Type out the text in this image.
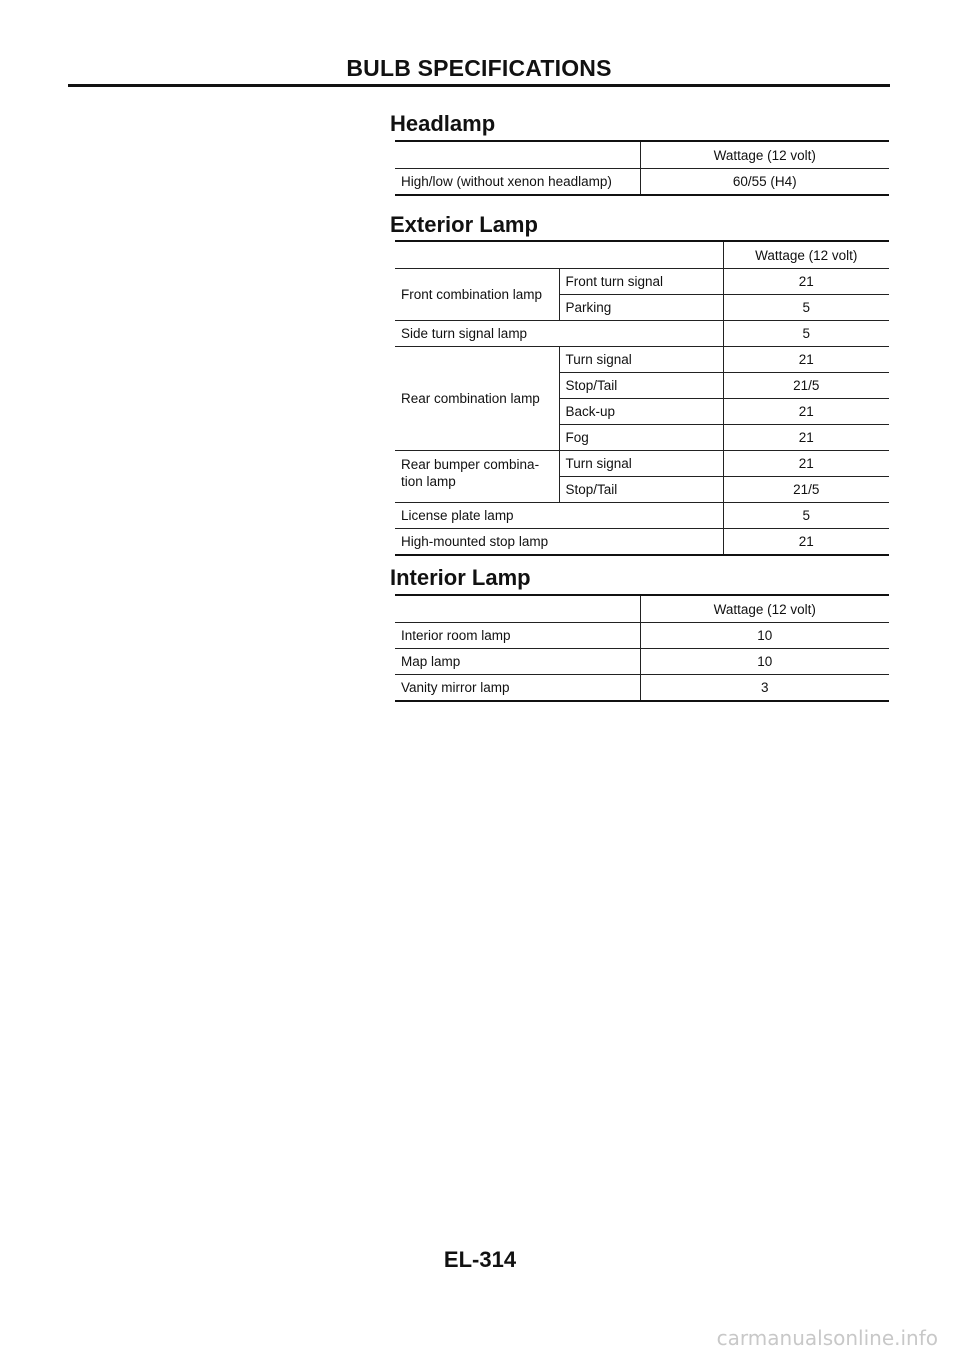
BULB SPECIFICATIONS
Headlamp
	Wattage (12 volt)
High/low (without xenon headlamp)	60/55 (H4)
Exterior Lamp
		Wattage (12 volt)
Front combination lamp	Front turn signal	21
	Parking	5
Side turn signal lamp		5
Rear combination lamp	Turn signal	21
	Stop/Tail	21/5
	Back-up	21
	Fog	21
Rear bumper combina-
tion lamp	Turn signal	21
	Stop/Tail	21/5
License plate lamp		5
High-mounted stop lamp		21
Interior Lamp
	Wattage (12 volt)
Interior room lamp	10
Map lamp	10
Vanity mirror lamp	3
EL-314
carmanualsonline.info
